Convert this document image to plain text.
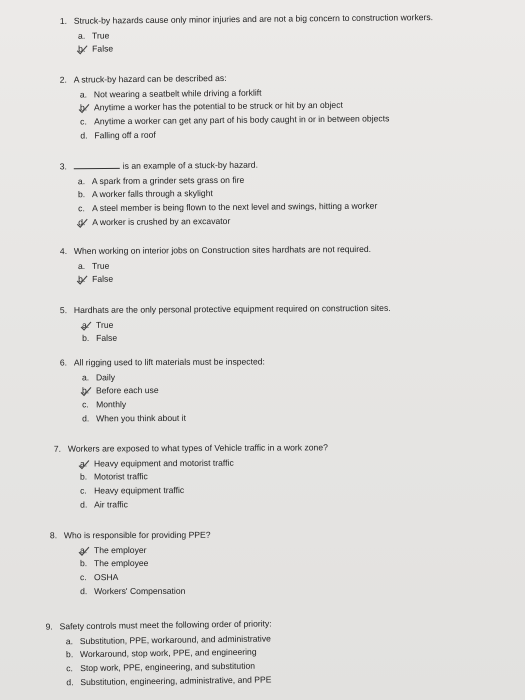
1. Struck-by hazards cause only minor injuries and are not a big concern to construction workers.
a. True
b. False
2. A struck-by hazard can be described as:
a. Not wearing a seatbelt while driving a forklift
b. Anytime a worker has the potential to be struck or hit by an object
c. Anytime a worker can get any part of his body caught in or in between objects
d. Falling off a roof
3.	is an example of a stuck-by hazard.
a. A spark from a grinder sets grass on fire
b. A worker falls through a skylight
c. A steel member is being flown to the next level and swings, hitting a worker
d. A worker is crushed by an excavator
4. When working on interior jobs on Construction sites hardhats are not required.
a. True
b. False
5. Hardhats are the only personal protective equipment required on construction sites.
a. True
b. False
6. All rigging used to lift materials must be inspected:
a. Daily
b. Before each use
c. Monthly
d. When you think about it
7. Workers are exposed to what types of Vehicle traffic in a work zone?
a. Heavy equipment and motorist traffic
b. Motorist traffic
c. Heavy equipment traffic
d. Air traffic
8. Who is responsible for providing PPE?
a. The employer
b. The employee
c. OSHA
d. Workers' Compensation
9. Safety controls must meet the following order of priority:
a. Substitution, PPE, workaround, and administrative
b. Workaround, stop work, PPE, and engineering
c. Stop work, PPE, engineering, and substitution
d. Substitution, engineering, administrative, and PPE
